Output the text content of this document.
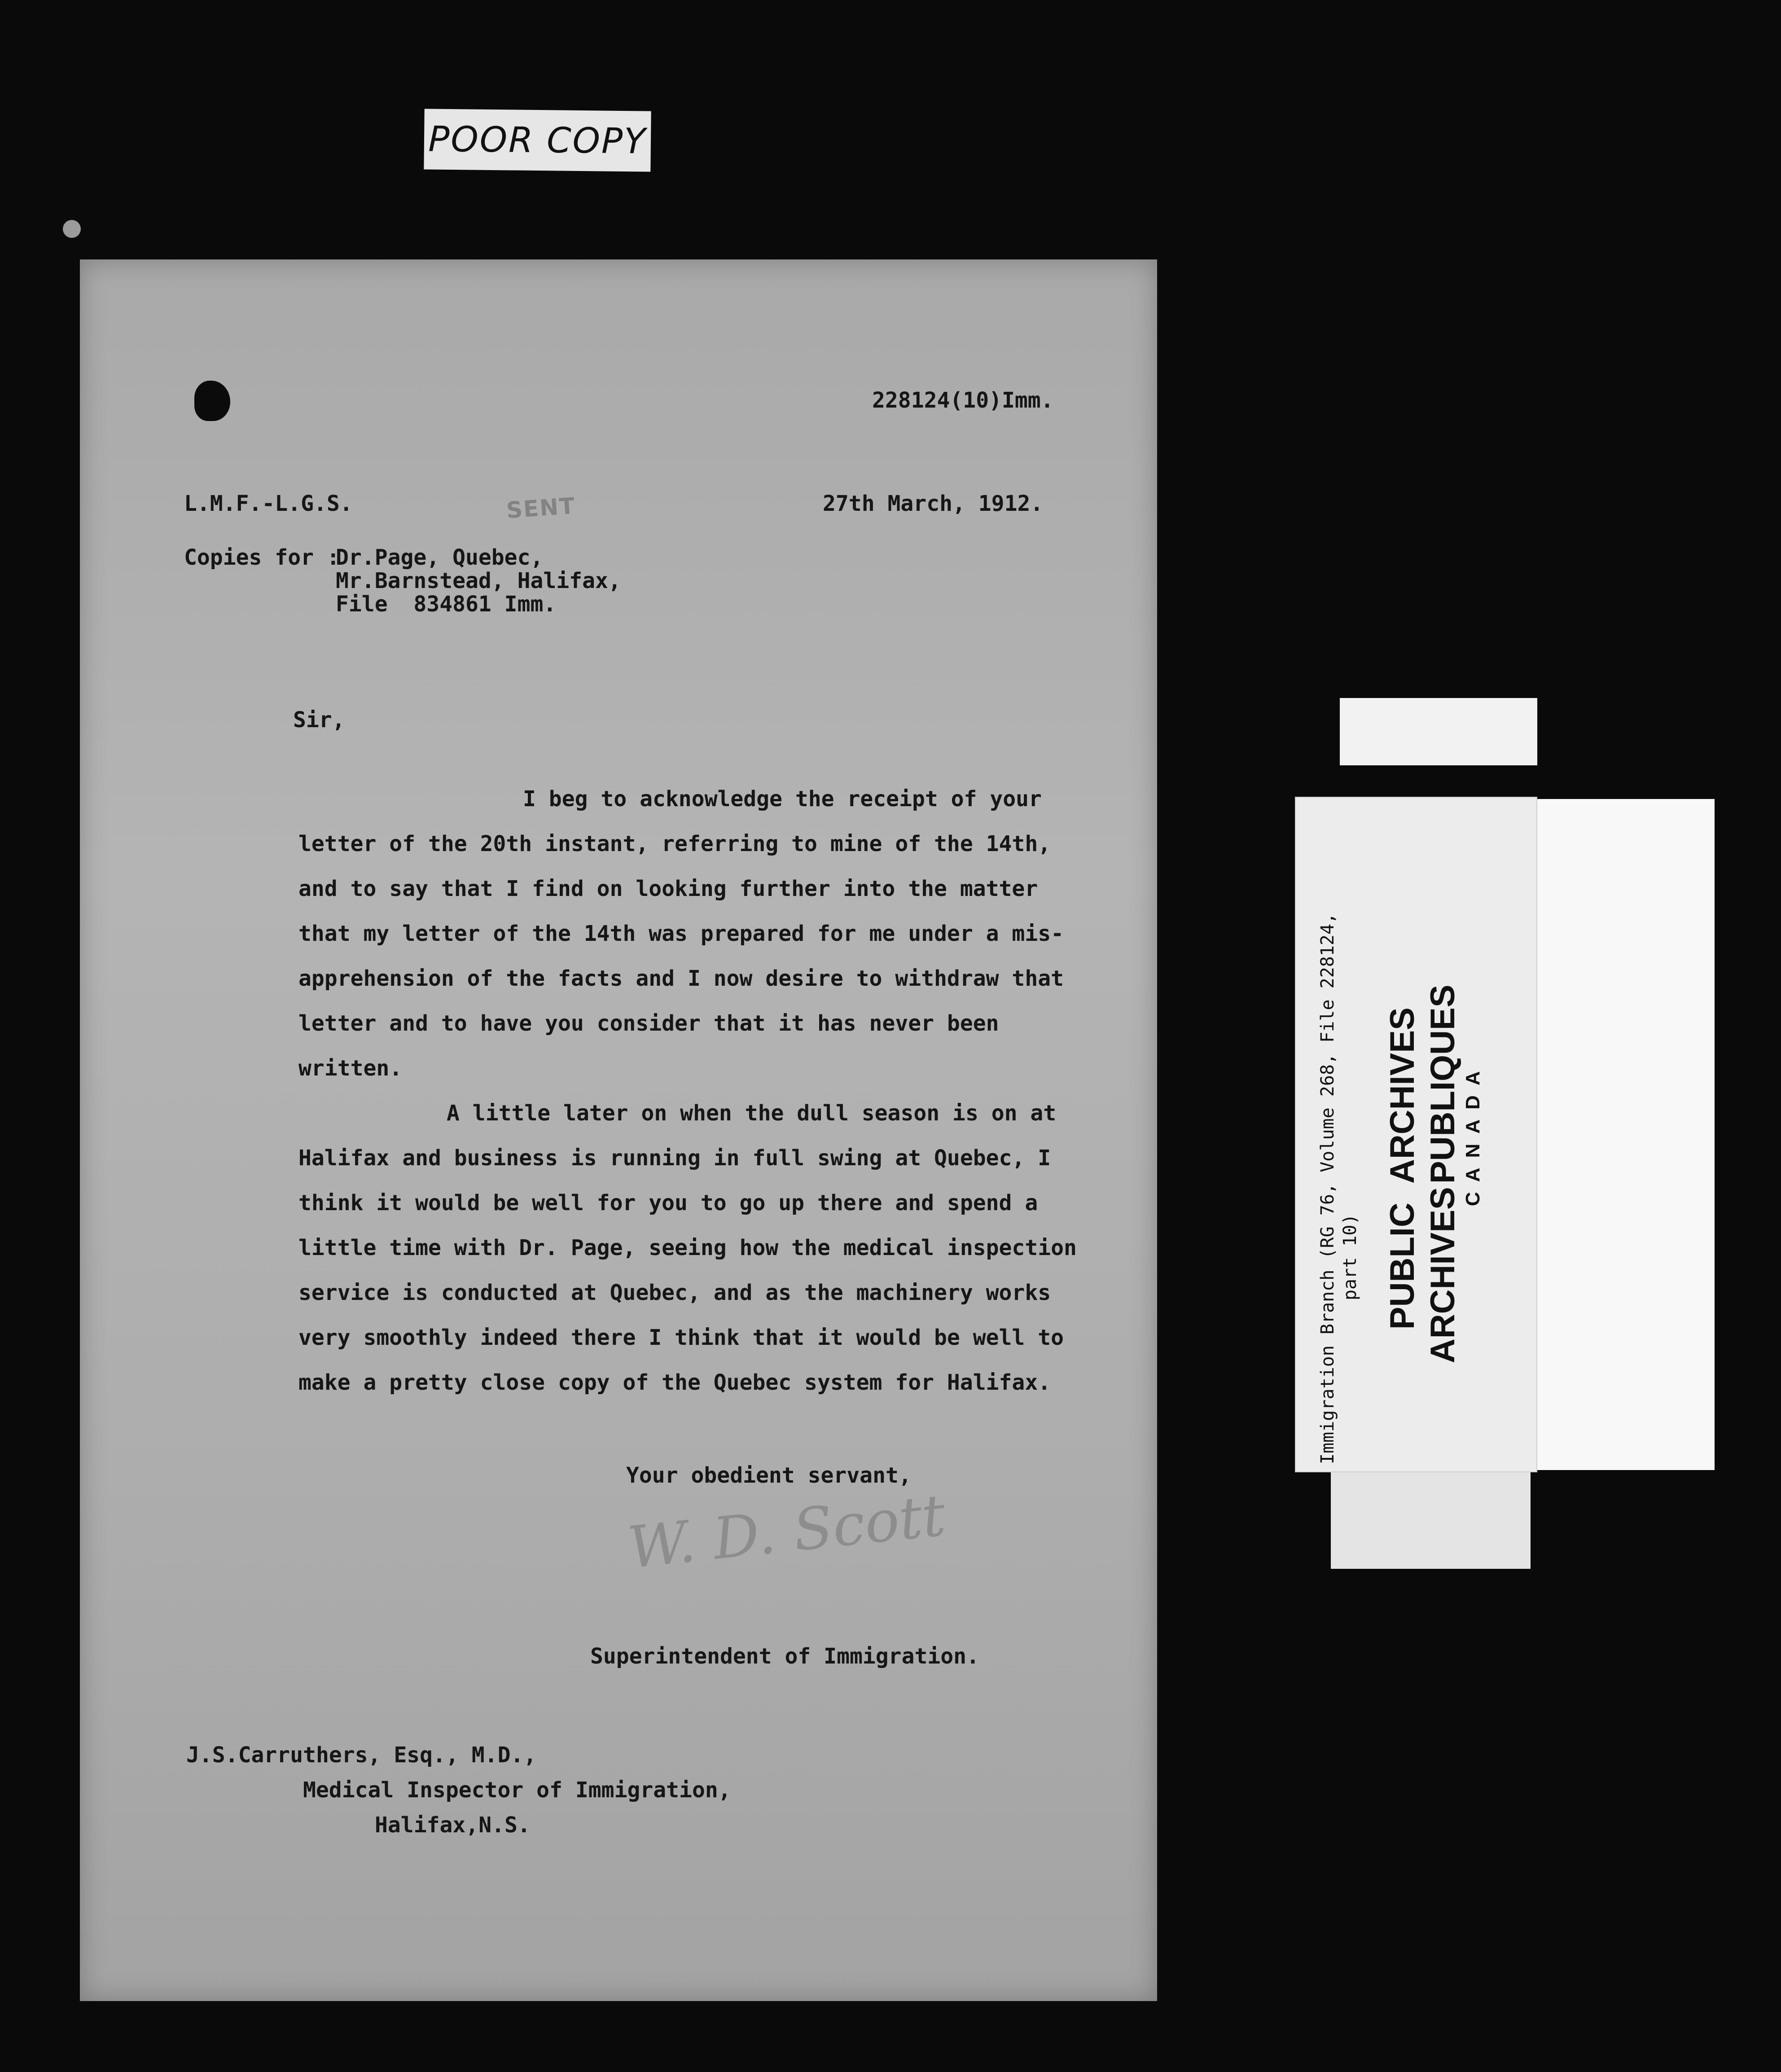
POOR COPY
228124(10)Imm.
L.M.F.-L.G.S.	SENT	27th March, 1912.
Copies for :
Dr.Page, Quebec,
Mr.Barnstead, Halifax,
File  834861 Imm.
Sir,
I beg to acknowledge the receipt of your
letter of the 20th instant, referring to mine of the 14th,
and to say that I find on looking further into the matter
that my letter of the 14th was prepared for me under a mis-
apprehension of the facts and I now desire to withdraw that
letter and to have you consider that it has never been
written.
A little later on when the dull season is on at
Halifax and business is running in full swing at Quebec, I
think it would be well for you to go up there and spend a
little time with Dr. Page, seeing how the medical inspection
service is conducted at Quebec, and as the machinery works
very smoothly indeed there I think that it would be well to
make a pretty close copy of the Quebec system for Halifax.
Your obedient servant,
W. D. Scott
Superintendent of Immigration.
J.S.Carruthers, Esq., M.D.,
Medical Inspector of Immigration,
Halifax,N.S.
Immigration Branch (RG 76, Volume 268, File 228124, part 10) PUBLIC
ARCHIVES
ARCHIVES
PUBLIQUES CANADA
